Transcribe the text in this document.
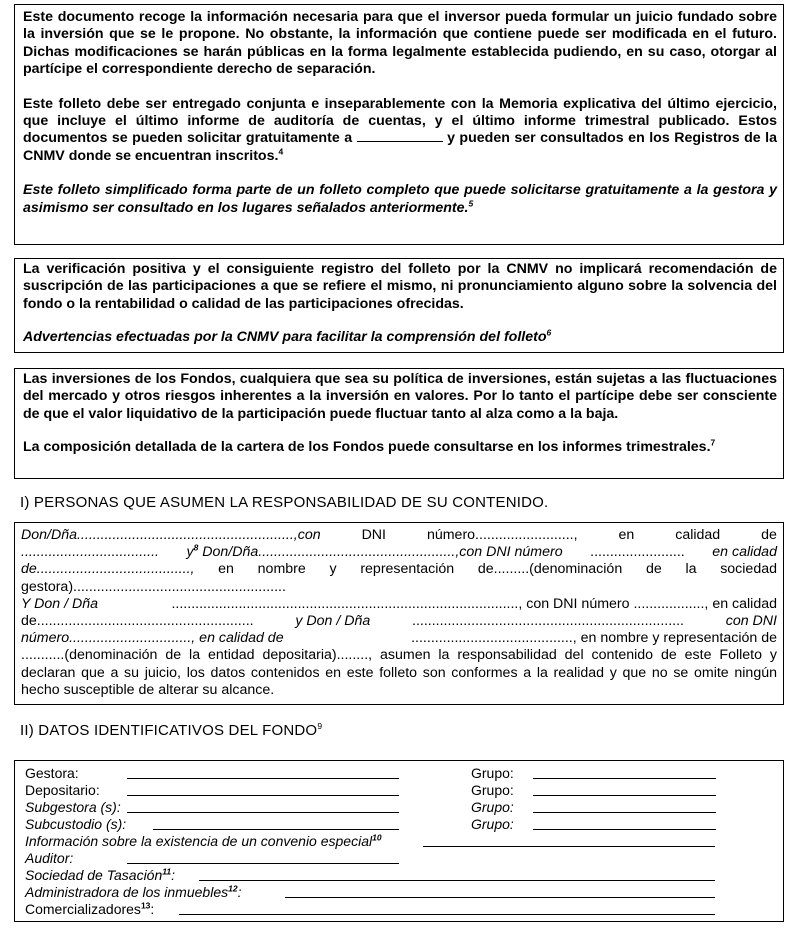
Este documento recoge la información necesaria para que el inversor pueda formular un juicio fundado sobre la inversión que se le propone. No obstante, la información que contiene puede ser modificada en el futuro. Dichas modificaciones se harán públicas en la forma legalmente establecida pudiendo, en su caso, otorgar al partícipe el correspondiente derecho de separación.

Este folleto debe ser entregado conjunta e inseparablemente con la Memoria explicativa del último ejercicio, que incluye el último informe de auditoría de cuentas, y el último informe trimestral publicado. Estos documentos se pueden solicitar gratuitamente a	y pueden ser consultados en los Registros de la CNMV donde se encuentran inscritos.$^4$

Este folleto simplificado forma parte de un folleto completo que puede solicitarse gratuitamente a la gestora y asimismo ser consultado en los lugares señalados anteriormente.$^5$

La verificación positiva y el consiguiente registro del folleto por la CNMV no implicará recomendación de suscripción de las participaciones a que se refiere el mismo, ni pronunciamiento alguno sobre la solvencia del fondo o la rentabilidad o calidad de las participaciones ofrecidas.

Advertencias efectuadas por la CNMV para facilitar la comprensión del folleto$^6$

Las inversiones de los Fondos, cualquiera que sea su política de inversiones, están sujetas a las fluctuaciones del mercado y otros riesgos inherentes a la inversión en valores. Por lo tanto el partícipe debe ser consciente de que el valor liquidativo de la participación puede fluctuar tanto al alza como a la baja.

La composición detallada de la cartera de los Fondos puede consultarse en los informes trimestrales.$^7$

I) PERSONAS QUE ASUMEN LA RESPONSABILIDAD DE SU CONTENIDO.

Don/Dña.......................................................,con	DNI	número.........................,	en	calidad	de

................................... $y^8$ Don/Dña..................................................,con DNI número ........................ en calidad

de......................................., en nombre y representación de.........(denominación de la sociedad

gestora)......................................................

Y Don / Dña	........................................................................................, con DNI número .................., en calidad

de.......................................................	y Don / Dña	.....................................................................	con DNI

número..............................., en calidad de	........................................., en nombre y representación de

...........(denominación de la entidad depositaria)........, asumen la responsabilidad del contenido de este Folleto y declaran que a su juicio, los datos contenidos en este folleto son conformes a la realidad y que no se omite ningún hecho susceptible de alterar su alcance.

II) DATOS IDENTIFICATIVOS DEL FONDO$^9$

Gestora:	Grupo:
Depositario:	Grupo:
Subgestora (s):	Grupo:
Subcustodio (s):	Grupo:
Información sobre la existencia de un convenio especial$^{10}$
Auditor:
Sociedad de Tasación$^{11}$:
Administradora de los inmuebles$^{12}$:
Comercializadores$^{13}$:
